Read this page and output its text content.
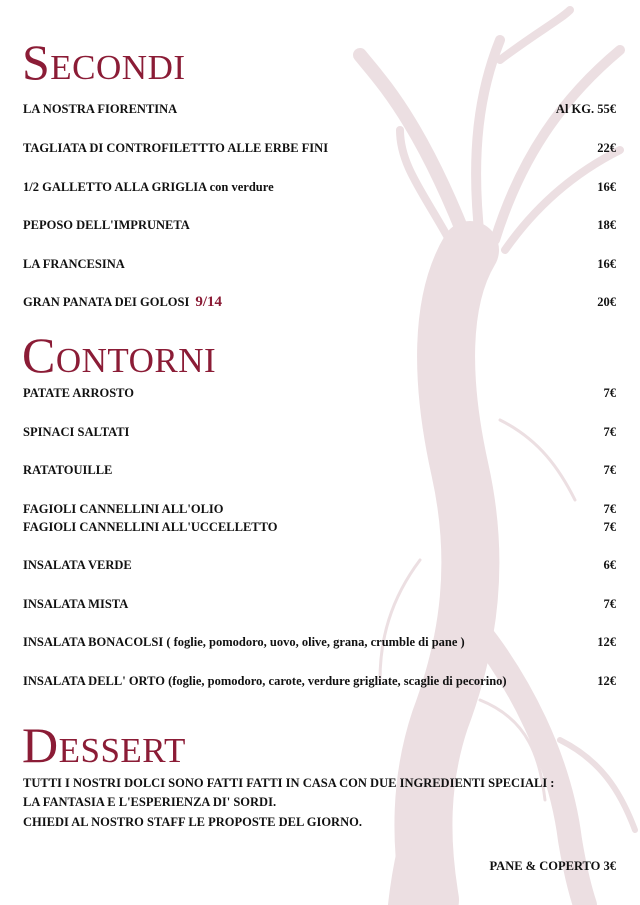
Secondi
LA NOSTRA FIORENTINA	Al KG. 55€
TAGLIATA DI CONTROFILETTTO ALLE ERBE FINI	22€
1/2 GALLETTO ALLA GRIGLIA con verdure	16€
PEPOSO DELL'IMPRUNETA	18€
LA FRANCESINA	16€
GRAN PANATA DEI GOLOSI 9/14	20€
Contorni
PATATE ARROSTO	7€
SPINACI SALTATI	7€
RATATOUILLE	7€
FAGIOLI CANNELLINI ALL'OLIO	7€
FAGIOLI CANNELLINI ALL'UCCELLETTO	7€
INSALATA VERDE	6€
INSALATA MISTA	7€
INSALATA BONACOLSI ( foglie, pomodoro, uovo, olive, grana, crumble di pane )	12€
INSALATA DELL' ORTO (foglie, pomodoro, carote, verdure grigliate, scaglie di pecorino)	12€
Dessert
TUTTI I NOSTRI DOLCI SONO FATTI FATTI IN CASA CON DUE INGREDIENTI SPECIALI :
LA FANTASIA E L'ESPERIENZA DI' SORDI.
CHIEDI AL NOSTRO STAFF LE PROPOSTE DEL GIORNO.
PANE & COPERTO 3€
